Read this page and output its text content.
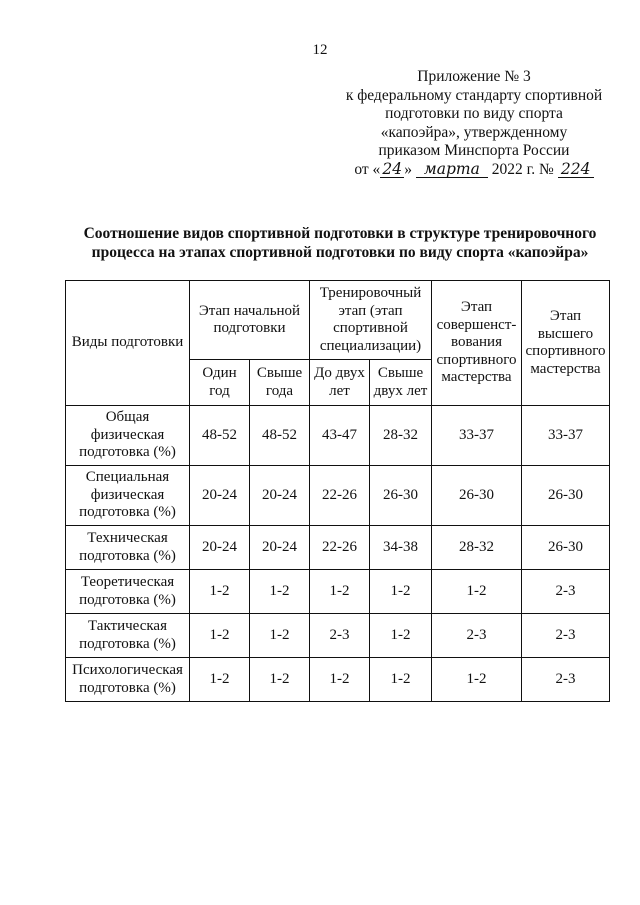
12
Приложение № 3
к федеральному стандарту спортивной
подготовки по виду спорта
«капоэйра», утвержденному
приказом Минспорта России
от « 24 » марта 2022 г. № 224
Соотношение видов спортивной подготовки в структуре тренировочного
процесса на этапах спортивной подготовки по виду спорта «капоэйра»
Виды подготовки	Этап начальной подготовки		Тренировочный этап (этап спортивной специализации)		Этап совершенст-вования спортивного мастерства	Этап высшего спортивного мастерства
	Один год	Свыше года	До двух лет	Свыше двух лет		
Общая физическая подготовка (%)	48-52	48-52	43-47	28-32	33-37	33-37
Специальная физическая подготовка (%)	20-24	20-24	22-26	26-30	26-30	26-30
Техническая подготовка (%)	20-24	20-24	22-26	34-38	28-32	26-30
Теоретическая подготовка (%)	1-2	1-2	1-2	1-2	1-2	2-3
Тактическая подготовка (%)	1-2	1-2	2-3	1-2	2-3	2-3
Психологическая подготовка (%)	1-2	1-2	1-2	1-2	1-2	2-3
